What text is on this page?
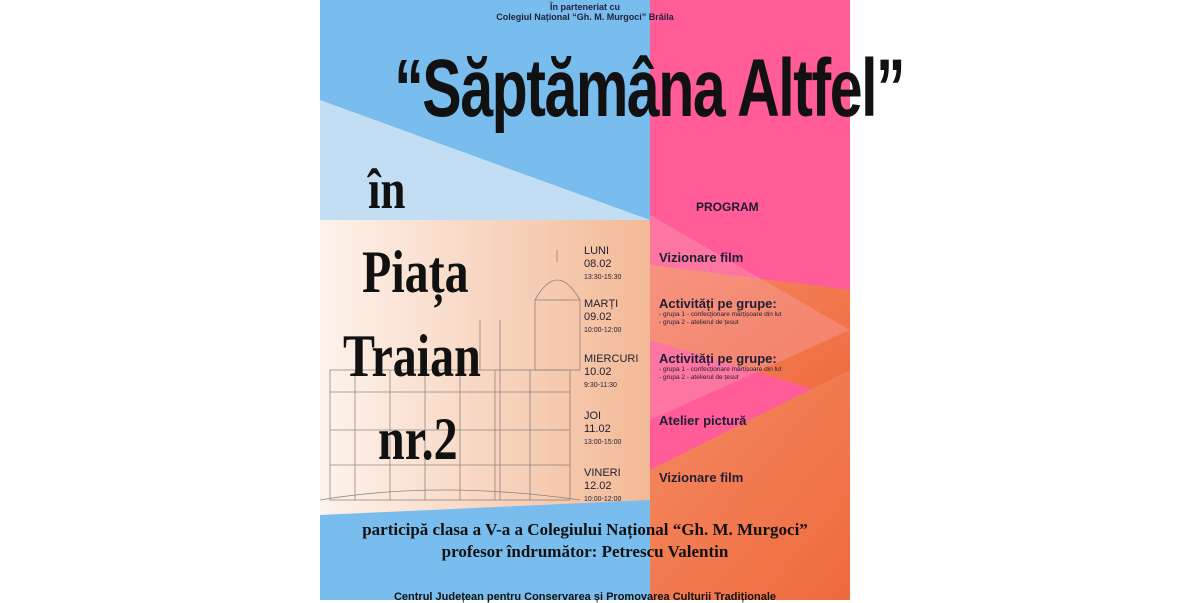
În parteneriat cu
Colegiul Național “Gh. M. Murgoci” Brăila
“Săptămâna Altfel”
în
Piața
Traian
nr.2
PROGRAM
LUNI
08.02
13:30-15:30
Vizionare film
MARȚI
09.02
10:00-12:00
Activități pe grupe:
- grupa 1 - confecționare mărțișoare din lut
- grupa 2 - atelierul de țesut
MIERCURI
10.02
9:30-11:30
Activități pe grupe:
- grupa 1 - confecționare mărțișoare din lut
- grupa 2 - atelierul de țesut
JOI
11.02
13:00-15:00
Atelier pictură
VINERI
12.02
10:00-12:00
Vizionare film
participă clasa a V-a a Colegiului Național “Gh. M. Murgoci”
profesor îndrumător: Petrescu Valentin
Centrul Județean pentru Conservarea și Promovarea Culturii Tradiționale
